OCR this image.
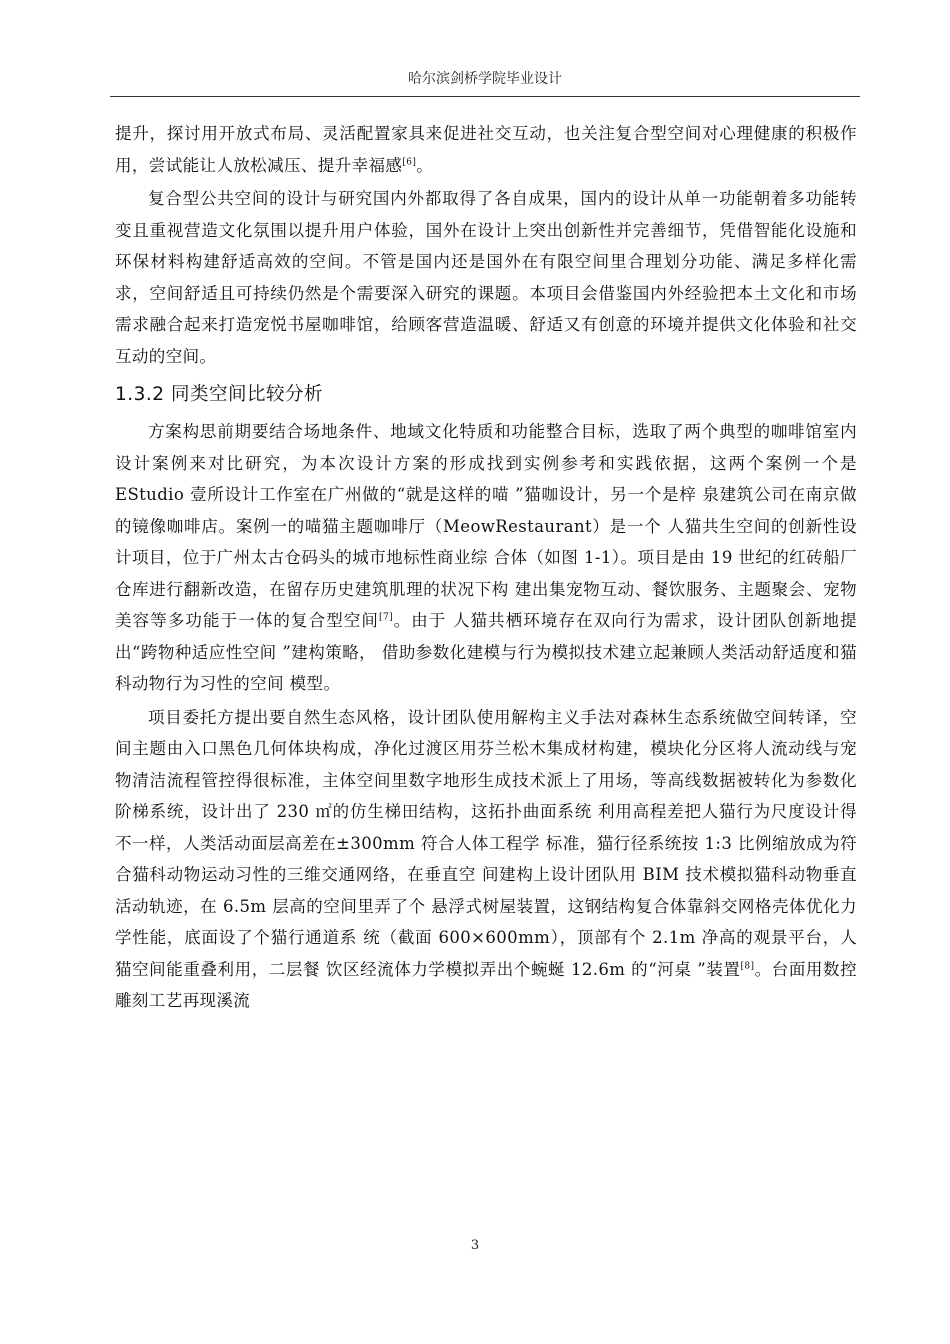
哈尔滨剑桥学院毕业设计

提升，探讨用开放式布局、灵活配置家具来促进社交互动，也关注复合型空间对心理健康的积极作用，尝试能让人放松减压、提升幸福感[6]。

复合型公共空间的设计与研究国内外都取得了各自成果，国内的设计从单一功能朝着多功能转变且重视营造文化氛围以提升用户体验，国外在设计上突出创新性并完善细节，凭借智能化设施和环保材料构建舒适高效的空间。不管是国内还是国外在有限空间里合理划分功能、满足多样化需求，空间舒适且可持续仍然是个需要深入研究的课题。本项目会借鉴国内外经验把本土文化和市场需求融合起来打造宠悦书屋咖啡馆，给顾客营造温暖、舒适又有创意的环境并提供文化体验和社交互动的空间。

1.3.2 同类空间比较分析

方案构思前期要结合场地条件、地域文化特质和功能整合目标，选取了两个典型的咖啡馆室内设计案例来对比研究，为本次设计方案的形成找到实例参考和实践依据，这两个案例一个是 EStudio 壹所设计工作室在广州做的“就是这样的喵 ”猫咖设计，另一个是梓 泉建筑公司在南京做的镜像咖啡店。案例一的喵猫主题咖啡厅（MeowRestaurant）是一个 人猫共生空间的创新性设计项目，位于广州太古仓码头的城市地标性商业综 合体（如图 1-1）。项目是由 19 世纪的红砖船厂仓库进行翻新改造，在留存历史建筑肌理的状况下构 建出集宠物互动、餐饮服务、主题聚会、宠物美容等多功能于一体的复合型空间[7]。由于 人猫共栖环境存在双向行为需求，设计团队创新地提出“跨物种适应性空间 ”建构策略， 借助参数化建模与行为模拟技术建立起兼顾人类活动舒适度和猫科动物行为习性的空间 模型。

项目委托方提出要自然生态风格，设计团队使用解构主义手法对森林生态系统做空间转译，空间主题由入口黑色几何体块构成，净化过渡区用芬兰松木集成材构建，模块化分区将人流动线与宠物清洁流程管控得很标准，主体空间里数字地形生成技术派上了用场，等高线数据被转化为参数化阶梯系统，设计出了 230 ㎡的仿生梯田结构，这拓扑曲面系统 利用高程差把人猫行为尺度设计得不一样，人类活动面层高差在±300mm 符合人体工程学 标准，猫行径系统按 1:3 比例缩放成为符合猫科动物运动习性的三维交通网络，在垂直空 间建构上设计团队用 BIM 技术模拟猫科动物垂直活动轨迹，在 6.5m 层高的空间里弄了个 悬浮式树屋装置，这钢结构复合体靠斜交网格壳体优化力学性能，底面设了个猫行通道系 统（截面 600×600mm），顶部有个 2.1m 净高的观景平台，人猫空间能重叠利用，二层餐 饮区经流体力学模拟弄出个蜿蜒 12.6m 的“河桌 ”装置[8]。台面用数控雕刻工艺再现溪流

3
